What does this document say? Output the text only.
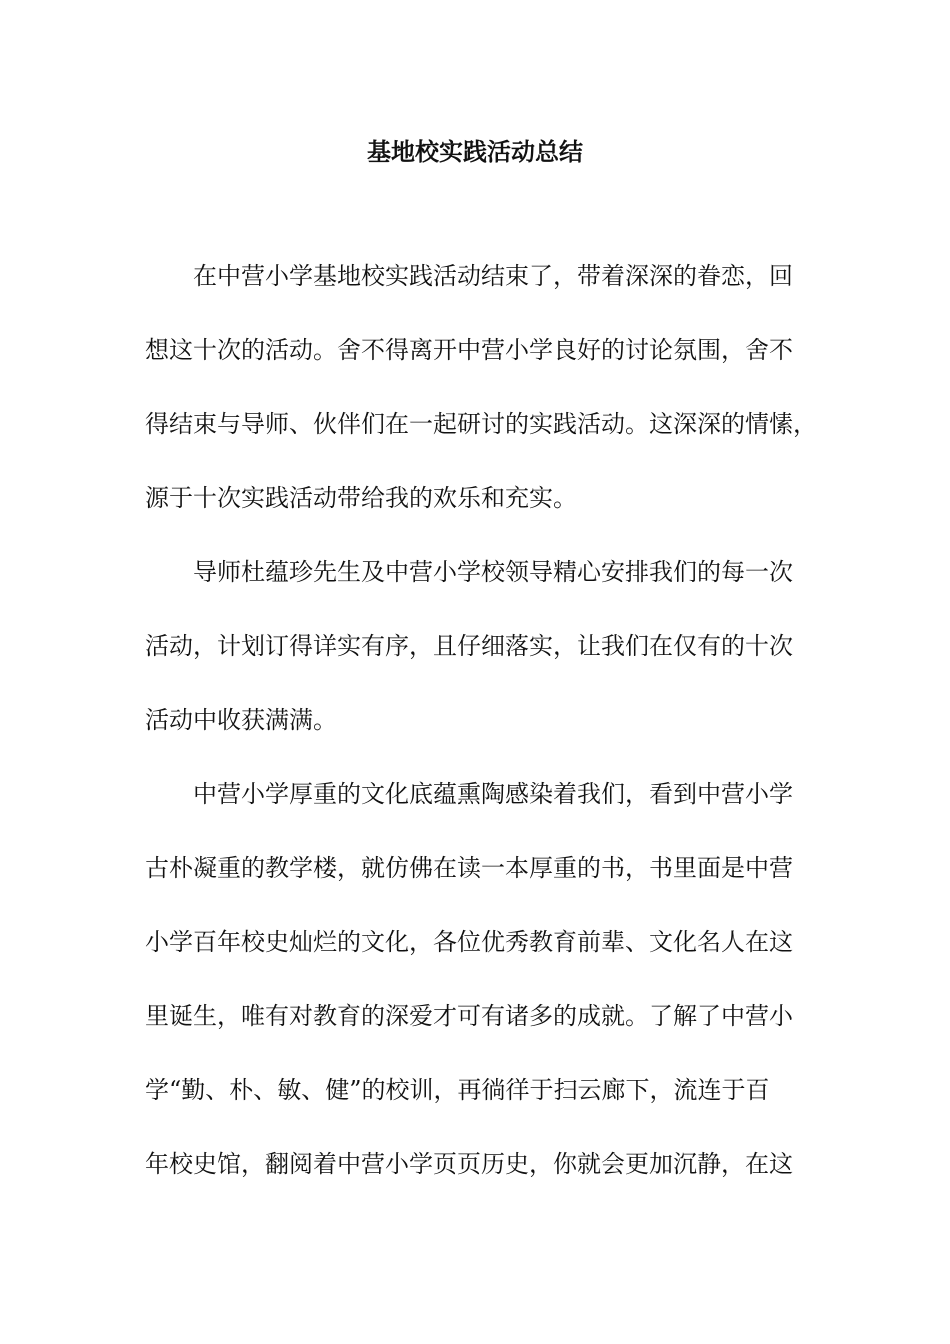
基地校实践活动总结
在中营小学基地校实践活动结束了，带着深深的眷恋，回
想这十次的活动。舍不得离开中营小学良好的讨论氛围，舍不
得结束与导师、伙伴们在一起研讨的实践活动。这深深的情愫，
源于十次实践活动带给我的欢乐和充实。
导师杜蕴珍先生及中营小学校领导精心安排我们的每一次
活动，计划订得详实有序，且仔细落实，让我们在仅有的十次
活动中收获满满。
中营小学厚重的文化底蕴熏陶感染着我们，看到中营小学
古朴凝重的教学楼，就仿佛在读一本厚重的书，书里面是中营
小学百年校史灿烂的文化，各位优秀教育前辈、文化名人在这
里诞生，唯有对教育的深爱才可有诸多的成就。了解了中营小
学“勤、朴、敏、健”的校训，再徜徉于扫云廊下，流连于百
年校史馆，翻阅着中营小学页页历史，你就会更加沉静，在这
